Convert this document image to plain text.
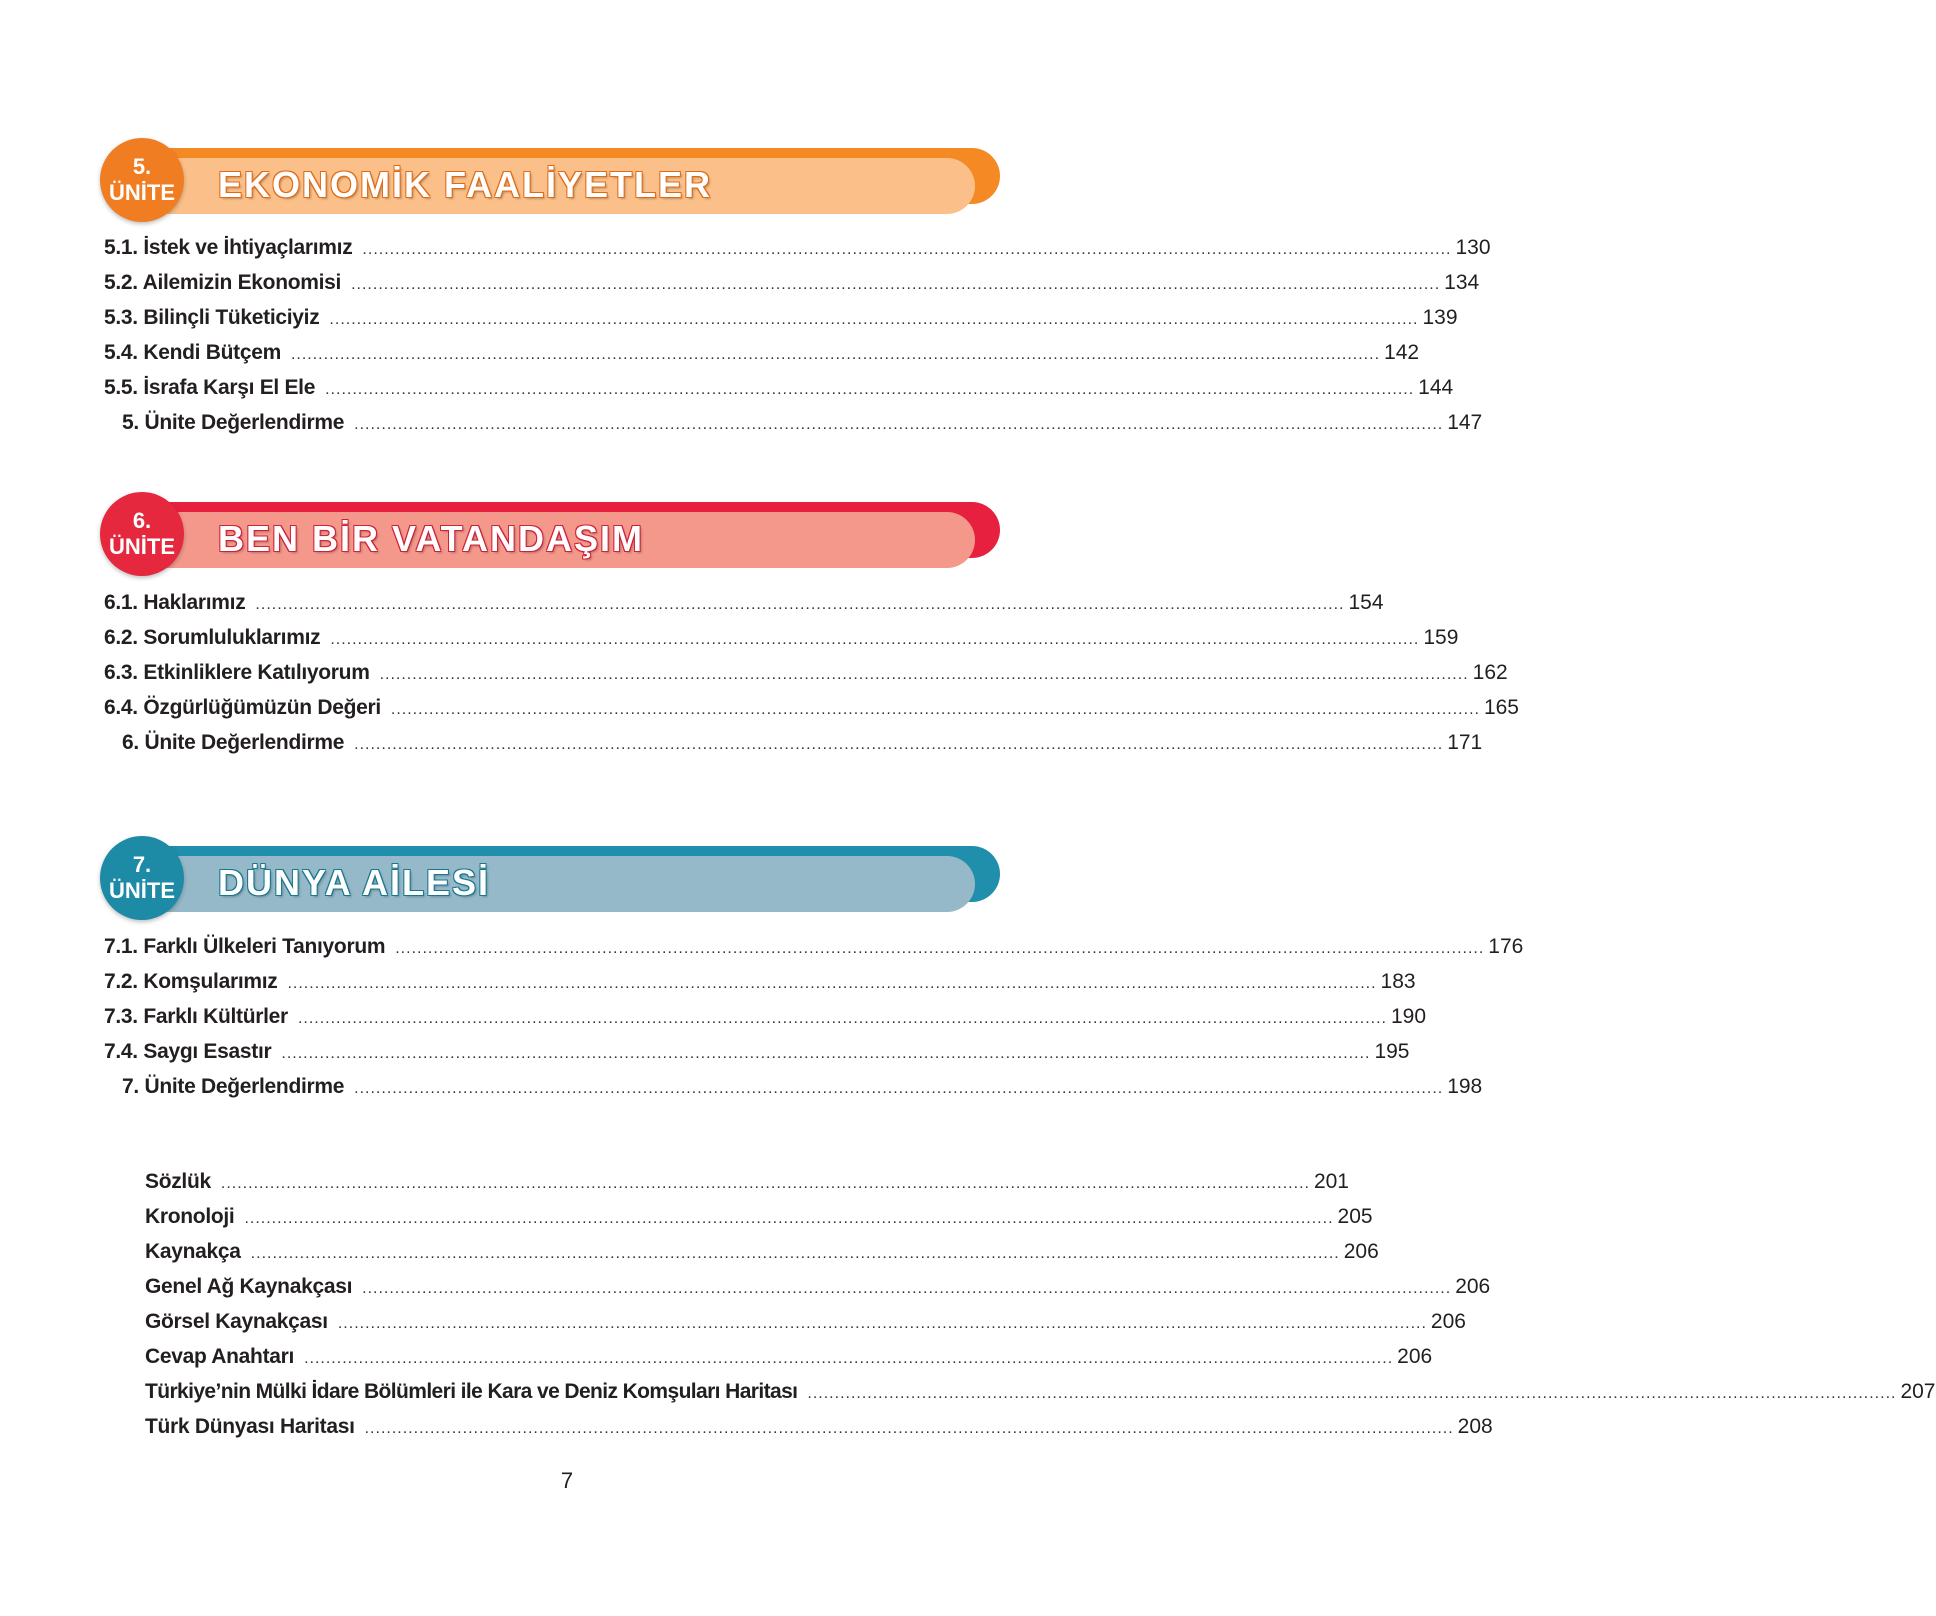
5.
ÜNİTE EKONOMİK FAALİYETLER
5.1. İstek ve İhtiyaçlarımız ........................................................................................................................................................................................................ 130
5.2. Ailemizin Ekonomisi ........................................................................................................................................................................................................ 134
5.3. Bilinçli Tüketiciyiz ........................................................................................................................................................................................................ 139
5.4. Kendi Bütçem ........................................................................................................................................................................................................ 142
5.5. İsrafa Karşı El Ele ........................................................................................................................................................................................................ 144
5. Ünite Değerlendirme ........................................................................................................................................................................................................ 147
6.
ÜNİTE BEN BİR VATANDAŞIM
6.1. Haklarımız ........................................................................................................................................................................................................ 154
6.2. Sorumluluklarımız ........................................................................................................................................................................................................ 159
6.3. Etkinliklere Katılıyorum ........................................................................................................................................................................................................ 162
6.4. Özgürlüğümüzün Değeri ........................................................................................................................................................................................................ 165
6. Ünite Değerlendirme ........................................................................................................................................................................................................ 171
7.
ÜNİTE DÜNYA AİLESİ
7.1. Farklı Ülkeleri Tanıyorum ........................................................................................................................................................................................................ 176
7.2. Komşularımız ........................................................................................................................................................................................................ 183
7.3. Farklı Kültürler ........................................................................................................................................................................................................ 190
7.4. Saygı Esastır ........................................................................................................................................................................................................ 195
7. Ünite Değerlendirme ........................................................................................................................................................................................................ 198
Sözlük ........................................................................................................................................................................................................ 201
Kronoloji ........................................................................................................................................................................................................ 205
Kaynakça ........................................................................................................................................................................................................ 206
Genel Ağ Kaynakçası ........................................................................................................................................................................................................ 206
Görsel Kaynakçası ........................................................................................................................................................................................................ 206
Cevap Anahtarı ........................................................................................................................................................................................................ 206
Türkiye’nin Mülki İdare Bölümleri ile Kara ve Deniz Komşuları Haritası ........................................................................................................................................................................................................ 207
Türk Dünyası Haritası ........................................................................................................................................................................................................ 208
7
